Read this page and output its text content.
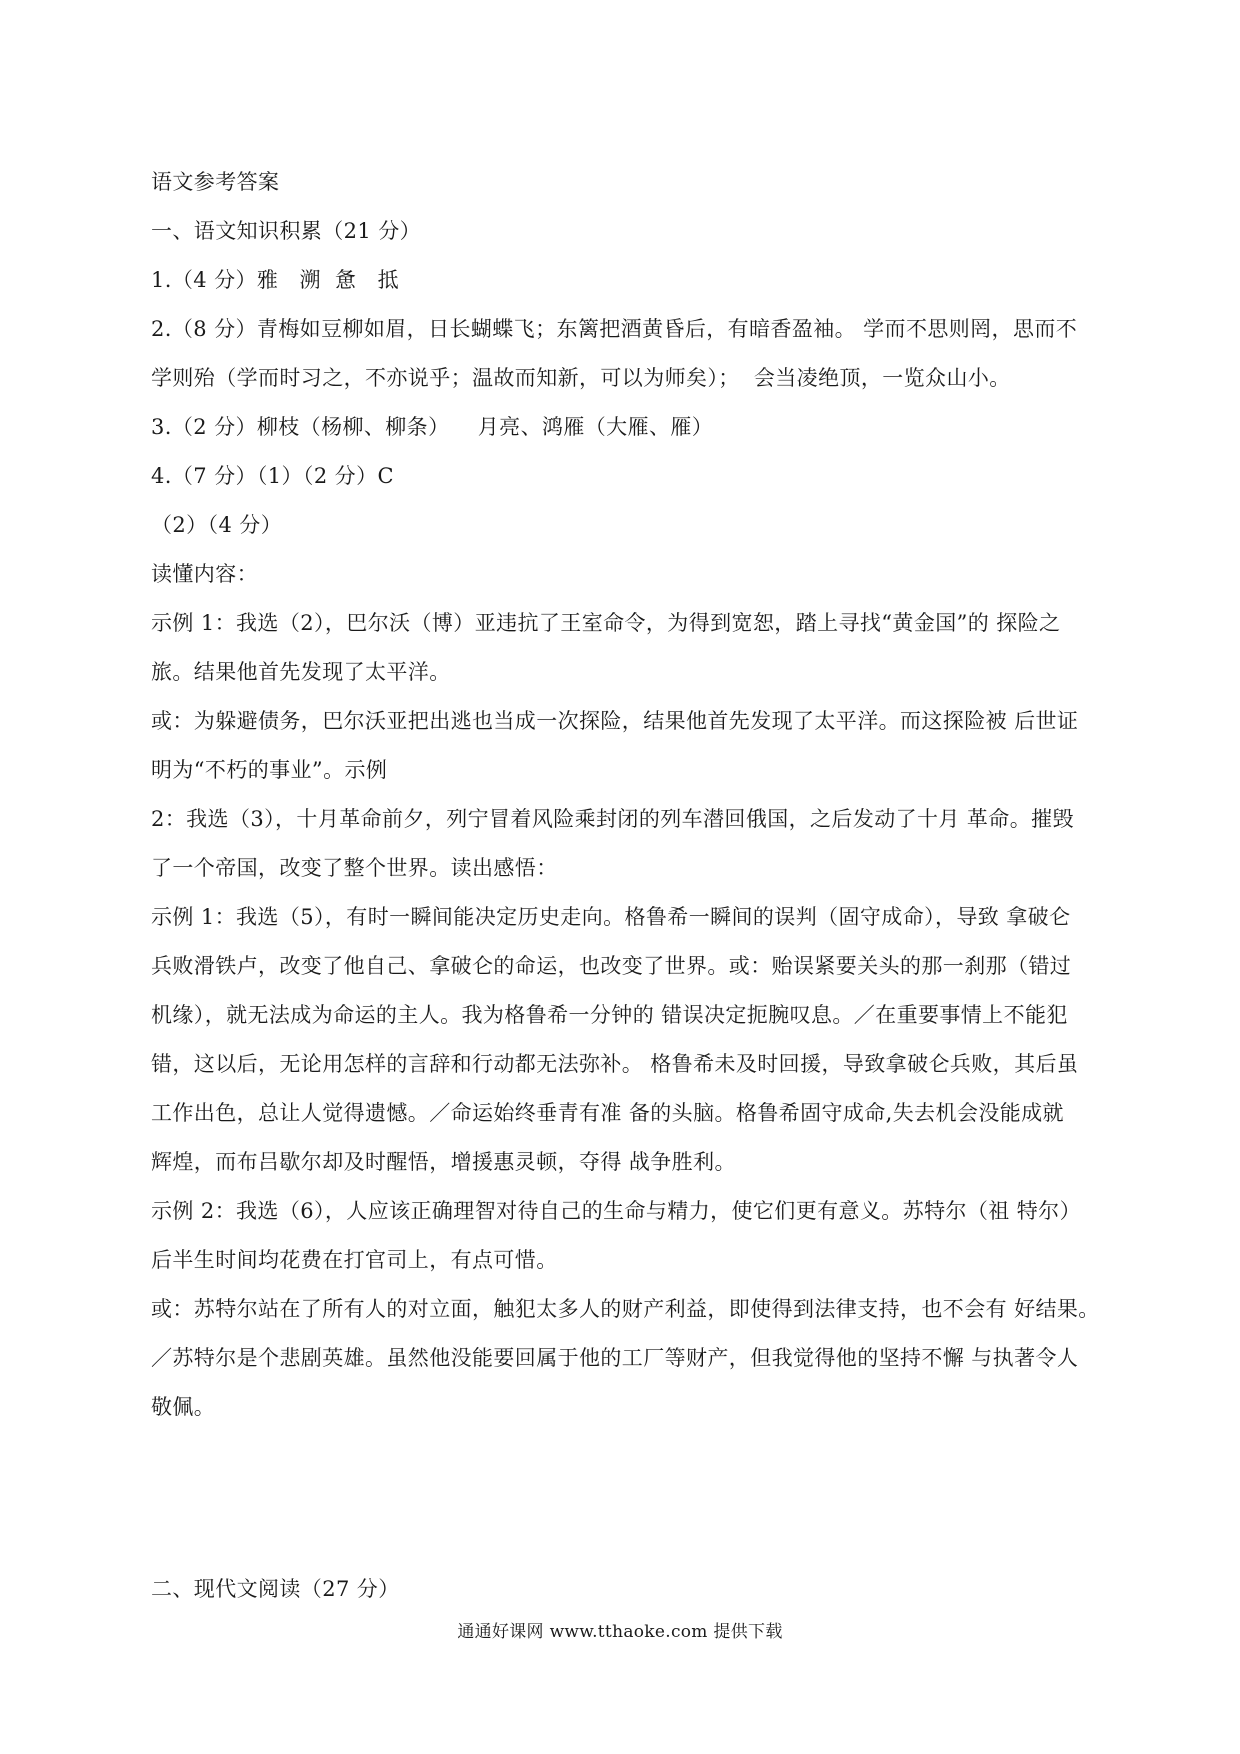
语文参考答案
一、语文知识积累（21 分）
1.（4 分）雅   溯  惫   抵
2.（8 分）青梅如豆柳如眉，日长蝴蝶飞；东篱把酒黄昏后，有暗香盈袖。 学而不思则罔，思而不
学则殆（学而时习之，不亦说乎；温故而知新，可以为师矣）；  会当凌绝顶，一览众山小。
3.（2 分）柳枝（杨柳、柳条）    月亮、鸿雁（大雁、雁）
4.（7 分）（1）（2 分）C
（2）（4 分）
读懂内容：
示例 1：我选（2），巴尔沃（博）亚违抗了王室命令，为得到宽恕，踏上寻找“黄金国”的 探险之
旅。结果他首先发现了太平洋。
或：为躲避债务，巴尔沃亚把出逃也当成一次探险，结果他首先发现了太平洋。而这探险被 后世证
明为“不朽的事业”。示例
2：我选（3），十月革命前夕，列宁冒着风险乘封闭的列车潜回俄国，之后发动了十月 革命。摧毁
了一个帝国，改变了整个世界。读出感悟：
示例 1：我选（5），有时一瞬间能决定历史走向。格鲁希一瞬间的误判（固守成命），导致 拿破仑
兵败滑铁卢，改变了他自己、拿破仑的命运，也改变了世界。或：贻误紧要关头的那一刹那（错过
机缘），就无法成为命运的主人。我为格鲁希一分钟的 错误决定扼腕叹息。／在重要事情上不能犯
错，这以后，无论用怎样的言辞和行动都无法弥补。 格鲁希未及时回援，导致拿破仑兵败，其后虽
工作出色，总让人觉得遗憾。／命运始终垂青有准 备的头脑。格鲁希固守成命,失去机会没能成就
辉煌，而布吕歇尔却及时醒悟，增援惠灵顿，夺得 战争胜利。
示例 2：我选（6），人应该正确理智对待自己的生命与精力，使它们更有意义。苏特尔（祖 特尔）
后半生时间均花费在打官司上，有点可惜。
或：苏特尔站在了所有人的对立面，触犯太多人的财产利益，即使得到法律支持，也不会有 好结果。
／苏特尔是个悲剧英雄。虽然他没能要回属于他的工厂等财产，但我觉得他的坚持不懈 与执著令人
敬佩。
二、现代文阅读（27 分）
通通好课网 www.tthaoke.com 提供下载
